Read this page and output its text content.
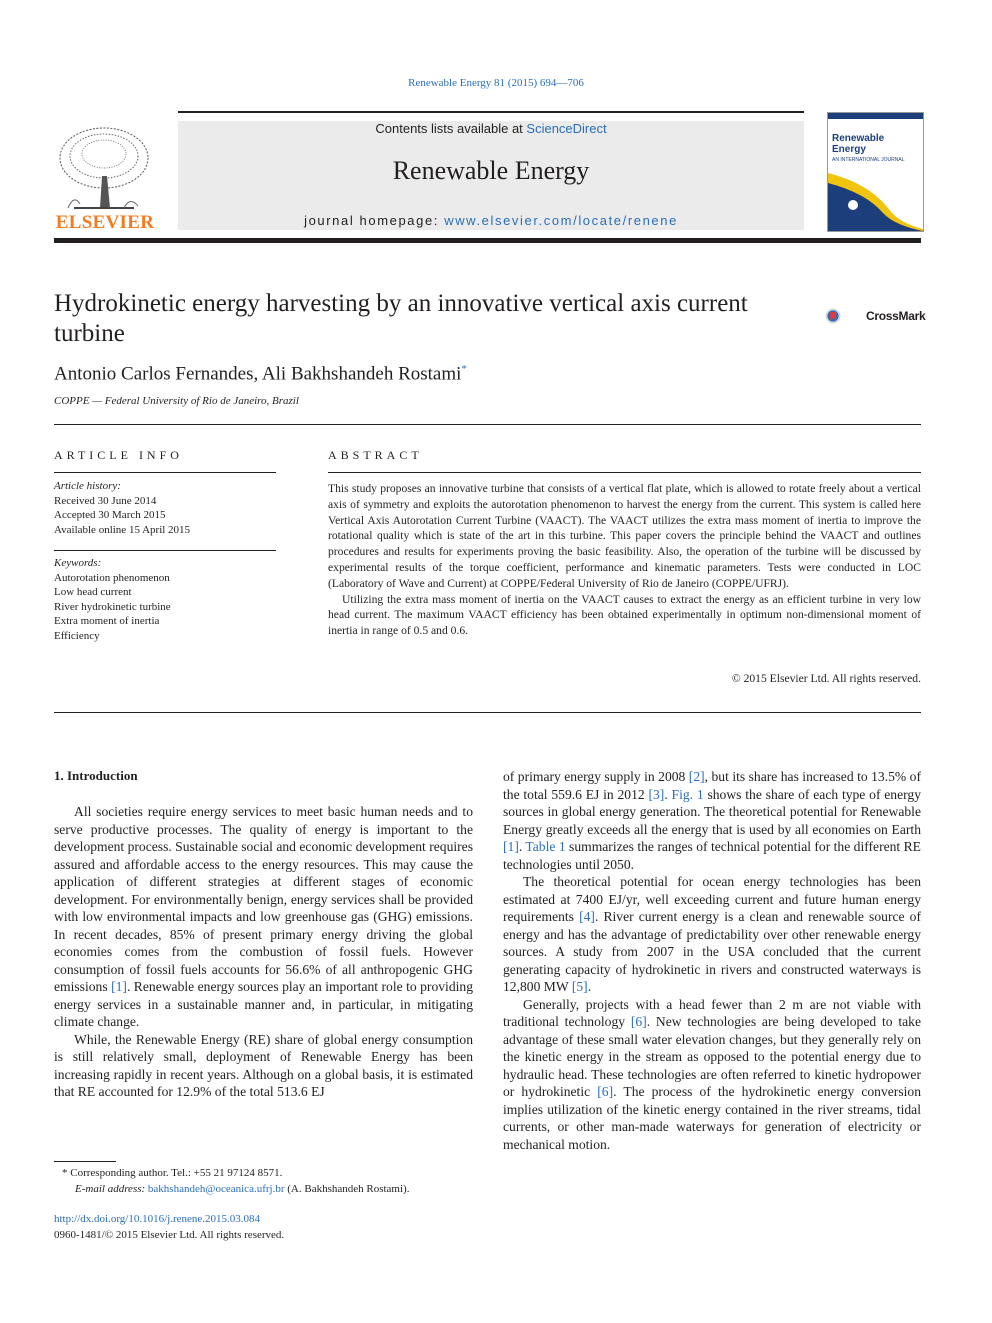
Renewable Energy 81 (2015) 694—706
ELSEVIER
Contents lists available at ScienceDirect
Renewable Energy
journal homepage: www.elsevier.com/locate/renene
Renewable Energy
AN INTERNATIONAL JOURNAL
Hydrokinetic energy harvesting by an innovative vertical axis current turbine
CrossMark
Antonio Carlos Fernandes, Ali Bakhshandeh Rostami*
COPPE — Federal University of Rio de Janeiro, Brazil
ARTICLE INFO
Article history:
Received 30 June 2014
Accepted 30 March 2015
Available online 15 April 2015
Keywords:
Autorotation phenomenon
Low head current
River hydrokinetic turbine
Extra moment of inertia
Efficiency
ABSTRACT

This study proposes an innovative turbine that consists of a vertical flat plate, which is allowed to rotate freely about a vertical axis of symmetry and exploits the autorotation phenomenon to harvest the energy from the current. This system is called here Vertical Axis Autorotation Current Turbine (VAACT). The VAACT utilizes the extra mass moment of inertia to improve the rotational quality which is state of the art in this turbine. This paper covers the principle behind the VAACT and outlines procedures and results for experiments proving the basic feasibility. Also, the operation of the turbine will be discussed by experimental results of the torque coefficient, performance and kinematic parameters. Tests were conducted in LOC (Laboratory of Wave and Current) at COPPE/Federal University of Rio de Janeiro (COPPE/UFRJ).

Utilizing the extra mass moment of inertia on the VAACT causes to extract the energy as an efficient turbine in very low head current. The maximum VAACT efficiency has been obtained experimentally in optimum non-dimensional moment of inertia in range of 0.5 and 0.6.

© 2015 Elsevier Ltd. All rights reserved.
1. Introduction

All societies require energy services to meet basic human needs and to serve productive processes. The quality of energy is important to the development process. Sustainable social and economic development requires assured and affordable access to the energy resources. This may cause the application of different strategies at different stages of economic development. For environmentally benign, energy services shall be provided with low environmental impacts and low greenhouse gas (GHG) emissions. In recent decades, 85% of present primary energy driving the global economies comes from the combustion of fossil fuels. However consumption of fossil fuels accounts for 56.6% of all anthropogenic GHG emissions [1]. Renewable energy sources play an important role to providing energy services in a sustainable manner and, in particular, in mitigating climate change.

While, the Renewable Energy (RE) share of global energy consumption is still relatively small, deployment of Renewable Energy has been increasing rapidly in recent years. Although on a global basis, it is estimated that RE accounted for 12.9% of the total 513.6 EJ

of primary energy supply in 2008 [2], but its share has increased to 13.5% of the total 559.6 EJ in 2012 [3]. Fig. 1 shows the share of each type of energy sources in global energy generation. The theoretical potential for Renewable Energy greatly exceeds all the energy that is used by all economies on Earth [1]. Table 1 summarizes the ranges of technical potential for the different RE technologies until 2050.

The theoretical potential for ocean energy technologies has been estimated at 7400 EJ/yr, well exceeding current and future human energy requirements [4]. River current energy is a clean and renewable source of energy and has the advantage of predictability over other renewable energy sources. A study from 2007 in the USA concluded that the current generating capacity of hydrokinetic in rivers and constructed waterways is 12,800 MW [5].

Generally, projects with a head fewer than 2 m are not viable with traditional technology [6]. New technologies are being developed to take advantage of these small water elevation changes, but they generally rely on the kinetic energy in the stream as opposed to the potential energy due to hydraulic head. These technologies are often referred to kinetic hydropower or hydrokinetic [6]. The process of the hydrokinetic energy conversion implies utilization of the kinetic energy contained in the river streams, tidal currents, or other man-made waterways for generation of electricity or mechanical motion.

* Corresponding author. Tel.: +55 21 97124 8571.
E-mail address: bakhshandeh@oceanica.ufrj.br (A. Bakhshandeh Rostami).
http://dx.doi.org/10.1016/j.renene.2015.03.084
0960-1481/© 2015 Elsevier Ltd. All rights reserved.
